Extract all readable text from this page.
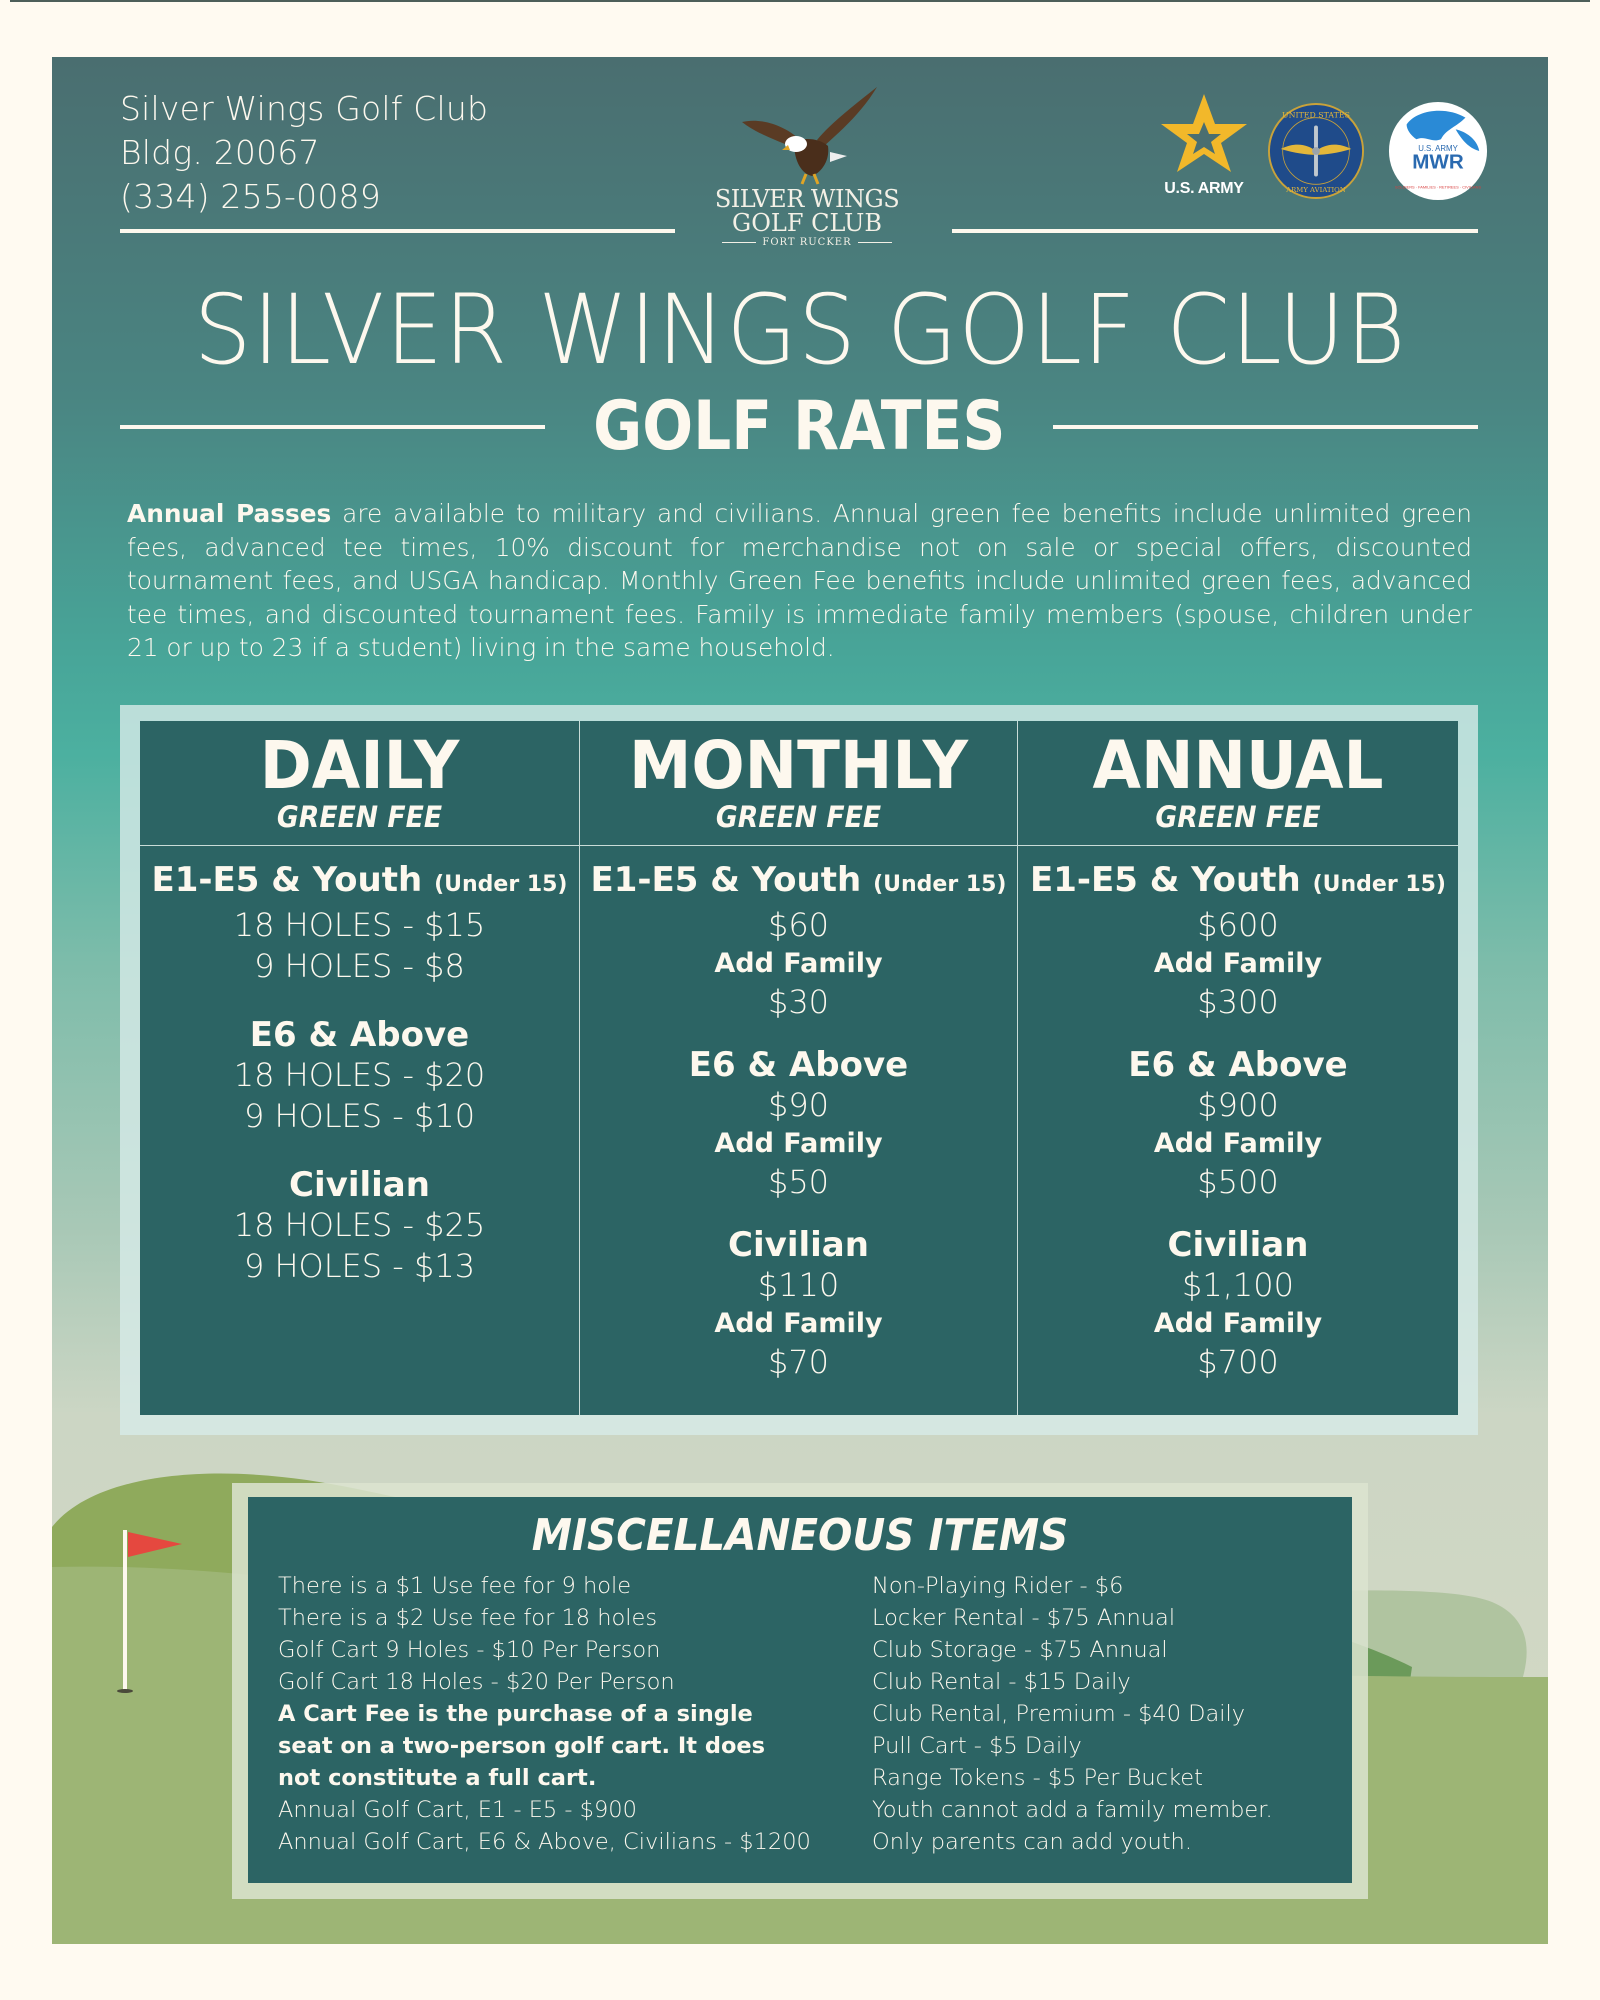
Silver Wings Golf Club
Bldg. 20067
(334) 255-0089	SILVER WINGS
GOLF CLUB
FORT RUCKER
U.S. ARMY
UNITED STATES
ARMY AVIATION
U.S. ARMY
MWR
SOLDIERS · FAMILIES · RETIREES · CIVILIANS
SILVER WINGS GOLF CLUB
GOLF RATES
Annual Passes are available to military and civilians. Annual green fee benefits include unlimited green fees, advanced tee times, 10% discount for merchandise not on sale or special offers, discounted tournament fees, and USGA handicap. Monthly Green Fee benefits include unlimited green fees, advanced tee times, and discounted tournament fees. Family is immediate family members (spouse, children under 21 or up to 23 if a student) living in the same household.
DAILY
GREEN FEE
MONTHLY
GREEN FEE
ANNUAL
GREEN FEE
E1-E5 & Youth (Under 15)
18 HOLES - $15
9 HOLES - $8
E6 & Above
18 HOLES - $20
9 HOLES - $10
Civilian
18 HOLES - $25
9 HOLES - $13
E1-E5 & Youth (Under 15)
$60
Add Family
$30
E6 & Above
$90
Add Family
$50
Civilian
$110
Add Family
$70
E1-E5 & Youth (Under 15)
$600
Add Family
$300
E6 & Above
$900
Add Family
$500
Civilian
$1,100
Add Family
$700
MISCELLANEOUS ITEMS
There is a $1 Use fee for 9 hole
There is a $2 Use fee for 18 holes
Golf Cart 9 Holes - $10 Per Person
Golf Cart 18 Holes - $20 Per Person
A Cart Fee is the purchase of a single
seat on a two-person golf cart. It does
not constitute a full cart.
Annual Golf Cart, E1 - E5 - $900
Annual Golf Cart, E6 & Above, Civilians - $1200
Non-Playing Rider - $6
Locker Rental - $75 Annual
Club Storage - $75 Annual
Club Rental - $15 Daily
Club Rental, Premium - $40 Daily
Pull Cart - $5 Daily
Range Tokens - $5 Per Bucket
Youth cannot add a family member.
Only parents can add youth.
